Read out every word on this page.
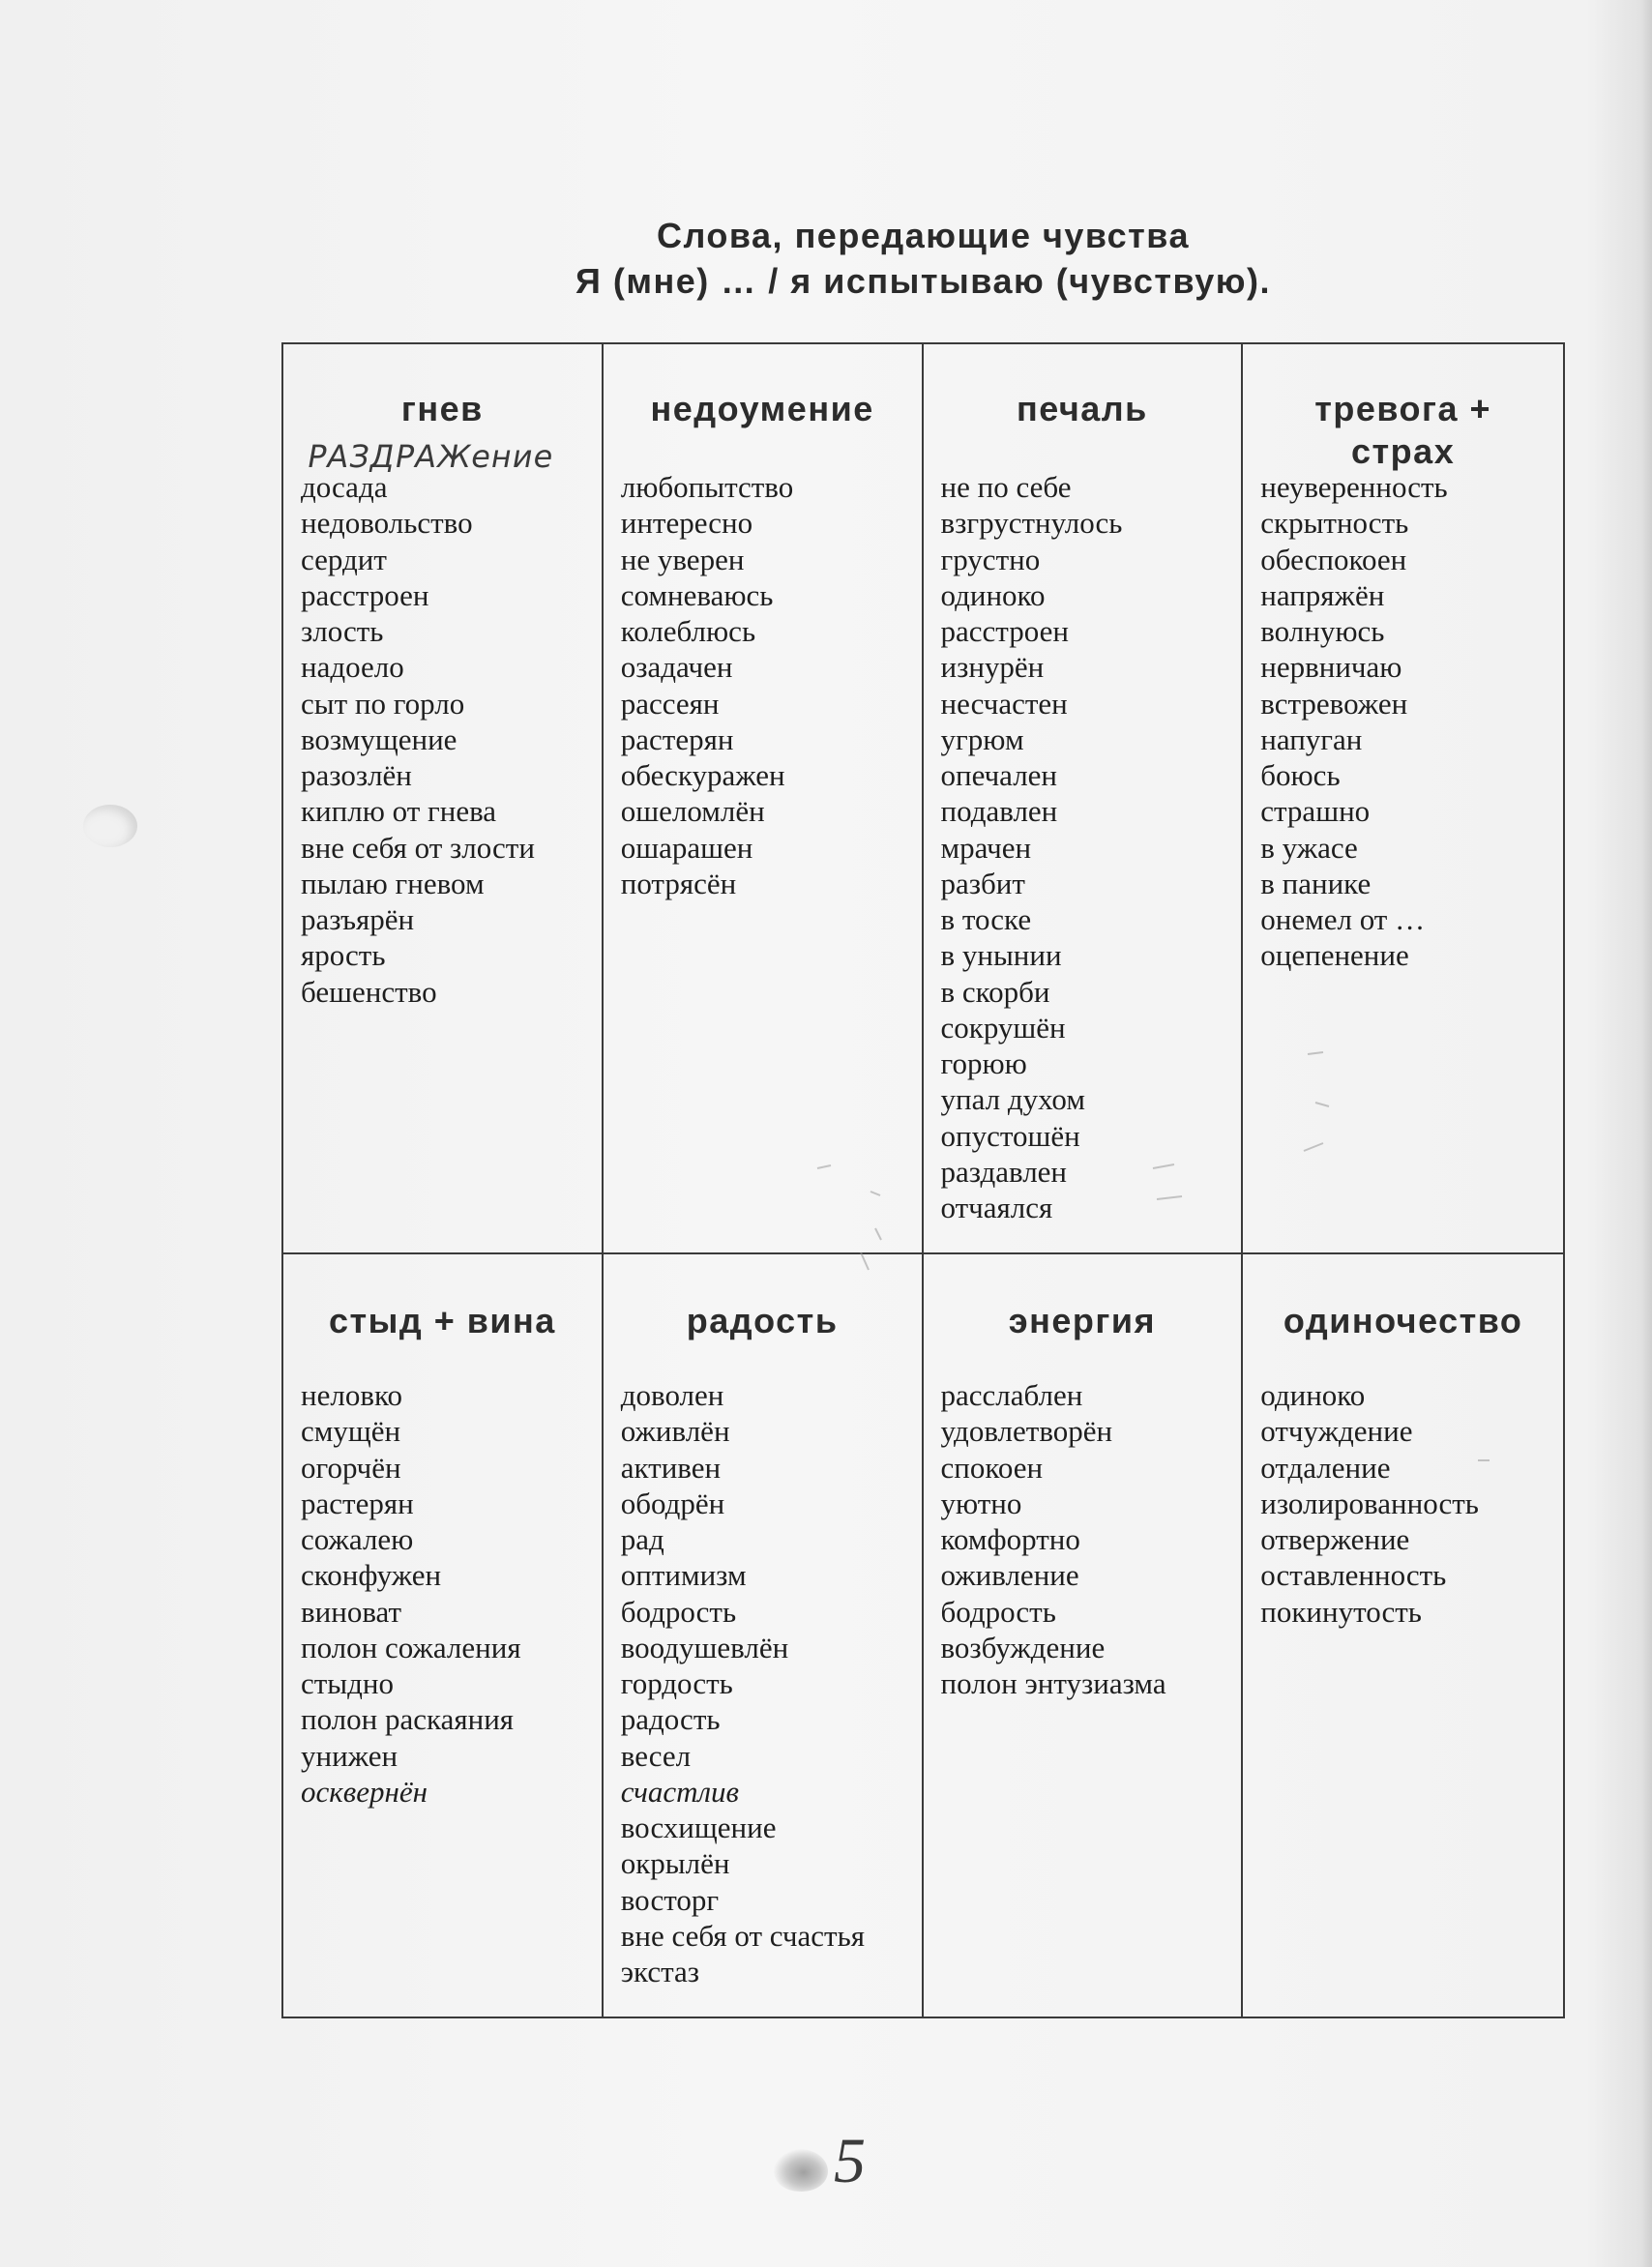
Слова, передающие чувства
Я (мне) … / я испытываю (чувствую).
гнев
РАЗДРАЖение
досада
недовольство
сердит
расстроен
злость
надоело
сыт по горло
возмущение
разозлён
киплю от гнева
вне себя от злости
пылаю гневом
разъярён
ярость
бешенство
недоумение
любопытство
интересно
не уверен
сомневаюсь
колеблюсь
озадачен
рассеян
растерян
обескуражен
ошеломлён
ошарашен
потрясён
печаль
не по себе
взгрустнулось
грустно
одиноко
расстроен
изнурён
несчастен
угрюм
опечален
подавлен
мрачен
разбит
в тоске
в унынии
в скорби
сокрушён
горюю
упал духом
опустошён
раздавлен
отчаялся
тревога +
страх
неуверенность
скрытность
обеспокоен
напряжён
волнуюсь
нервничаю
встревожен
напуган
боюсь
страшно
в ужасе
в панике
онемел от …
оцепенение
стыд + вина
неловко
смущён
огорчён
растерян
сожалею
сконфужен
виноват
полон сожаления
стыдно
полон раскаяния
унижен
осквернён
радость
доволен
оживлён
активен
ободрён
рад
оптимизм
бодрость
воодушевлён
гордость
радость
весел
счастлив
восхищение
окрылён
восторг
вне себя от счастья
экстаз
энергия
расслаблен
удовлетворён
спокоен
уютно
комфортно
оживление
бодрость
возбуждение
полон энтузиазма
одиночество
одиноко
отчуждение
отдаление
изолированность
отвержение
оставленность
покинутость
5
